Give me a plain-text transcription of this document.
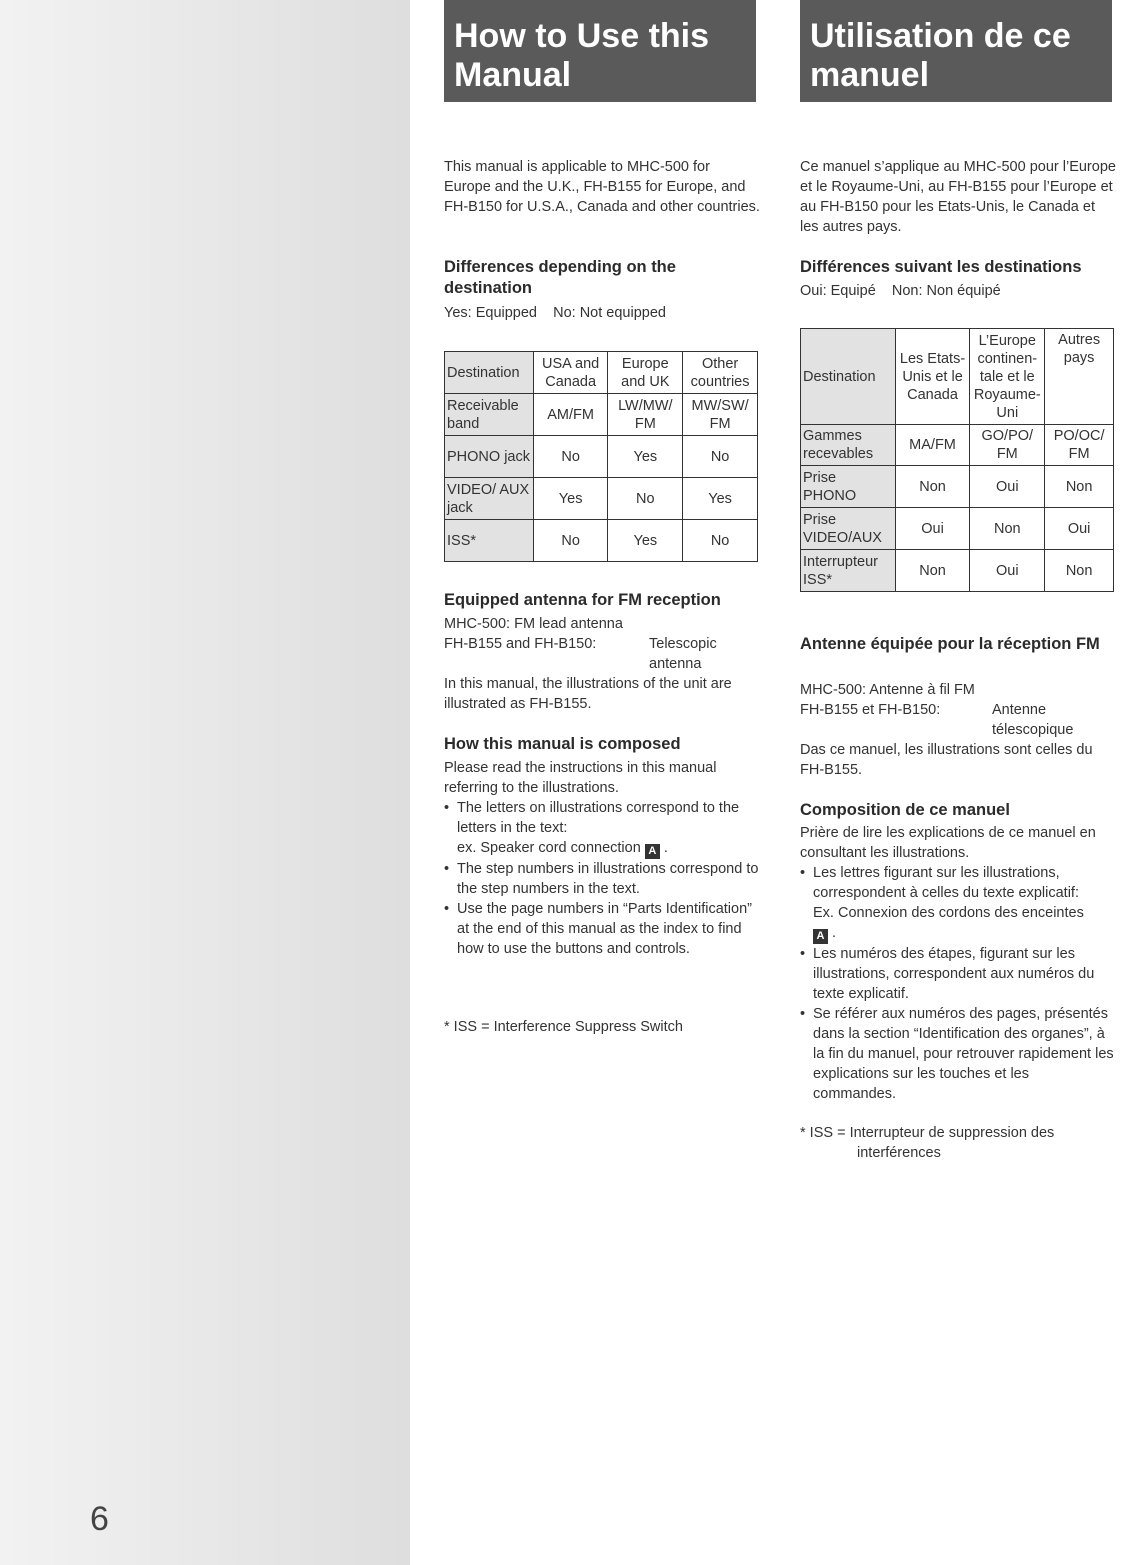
6
How to Use this Manual
Utilisation de ce manuel

This manual is applicable to MHC-500 for Europe and the U.K., FH-B155 for Europe, and FH-B150 for U.S.A., Canada and other countries.

Differences depending on the destination

Yes: Equipped    No: Not equipped

Destination	USA and Canada	Europe and UK	Other countries
Receivable band	AM/FM	LW/MW/ FM	MW/SW/ FM
PHONO jack	No	Yes	No
VIDEO/ AUX jack	Yes	No	Yes
ISS*	No	Yes	No
Equipped antenna for FM reception

MHC-500: FM lead antenna

FH-B155 and FH-B150:	Telescopic
antenna

In this manual, the illustrations of the unit are illustrated as FH-B155.

How this manual is composed

Please read the instructions in this manual referring to the illustrations.

• The letters on illustrations correspond to the letters in the text:
ex. Speaker cord connection A .
• The step numbers in illustrations correspond to the step numbers in the text.
• Use the page numbers in “Parts Identification” at the end of this manual as the index to find how to use the buttons and controls.

* ISS = Interference Suppress Switch

Ce manuel s’applique au MHC-500 pour l’Europe et le Royaume-Uni, au FH-B155 pour l’Europe et au FH-B150 pour les Etats-Unis, le Canada et les autres pays.

Différences suivant les destinations

Oui: Equipé    Non: Non équipé

Destination	Les Etats-Unis et le Canada	L’Europe continen- tale et le Royaume- Uni	Autres pays
Gammes recevables	MA/FM	GO/PO/ FM	PO/OC/ FM
Prise PHONO	Non	Oui	Non
Prise VIDEO/AUX	Oui	Non	Oui
Interrupteur ISS*	Non	Oui	Non
Antenne équipée pour la réception FM

MHC-500: Antenne à fil FM

FH-B155 et FH-B150:	Antenne
télescopique

Das ce manuel, les illustrations sont celles du FH-B155.

Composition de ce manuel

Prière de lire les explications de ce manuel en consultant les illustrations.

• Les lettres figurant sur les illustrations, correspondent à celles du texte explicatif:
Ex. Connexion des cordons des enceintes
A .
• Les numéros des étapes, figurant sur les illustrations, correspondent aux numéros du texte explicatif.
• Se référer aux numéros des pages, présentés dans la section “Identification des organes”, à la fin du manuel, pour retrouver rapidement les explications sur les touches et les commandes.

* ISS = Interrupteur de suppression des

interférences
